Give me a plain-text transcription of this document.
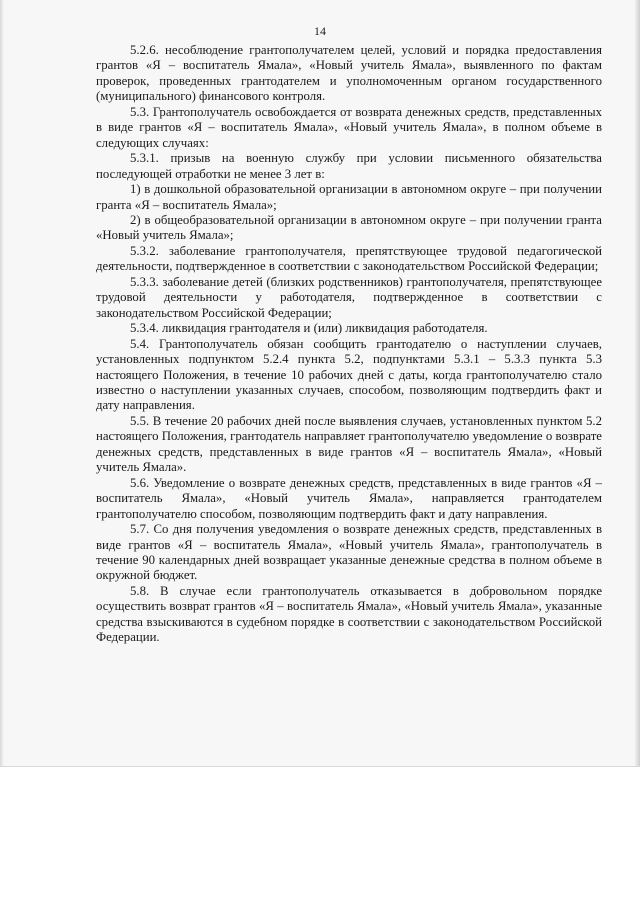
14

5.2.6. несоблюдение грантополучателем целей, условий и порядка предоставления грантов «Я – воспитатель Ямала», «Новый учитель Ямала», выявленного по фактам проверок, проведенных грантодателем и уполномоченным органом государственного (муниципального) финансового контроля.

5.3. Грантополучатель освобождается от возврата денежных средств, представленных в виде грантов «Я – воспитатель Ямала», «Новый учитель Ямала», в полном объеме в следующих случаях:

5.3.1. призыв на военную службу при условии письменного обязательства последующей отработки не менее 3 лет в:

1) в дошкольной образовательной организации в автономном округе – при получении гранта «Я – воспитатель Ямала»;

2) в общеобразовательной организации в автономном округе – при получении гранта «Новый учитель Ямала»;

5.3.2. заболевание грантополучателя, препятствующее трудовой педагогической деятельности, подтвержденное в соответствии с законодательством Российской Федерации;

5.3.3. заболевание детей (близких родственников) грантополучателя, препятствующее трудовой деятельности у работодателя, подтвержденное в соответствии с законодательством Российской Федерации;

5.3.4. ликвидация грантодателя и (или) ликвидация работодателя.

5.4. Грантополучатель обязан сообщить грантодателю о наступлении случаев, установленных подпунктом 5.2.4 пункта 5.2, подпунктами 5.3.1 – 5.3.3 пункта 5.3 настоящего Положения, в течение 10 рабочих дней с даты, когда грантополучателю стало известно о наступлении указанных случаев, способом, позволяющим подтвердить факт и дату направления.

5.5. В течение 20 рабочих дней после выявления случаев, установленных пунктом 5.2 настоящего Положения, грантодатель направляет грантополучателю уведомление о возврате денежных средств, представленных в виде грантов «Я – воспитатель Ямала», «Новый учитель Ямала».

5.6. Уведомление о возврате денежных средств, представленных в виде грантов «Я – воспитатель Ямала», «Новый учитель Ямала», направляется грантодателем грантополучателю способом, позволяющим подтвердить факт и дату направления.

5.7. Со дня получения уведомления о возврате денежных средств, представленных в виде грантов «Я – воспитатель Ямала», «Новый учитель Ямала», грантополучатель в течение 90 календарных дней возвращает указанные денежные средства в полном объеме в окружной бюджет.

5.8. В случае если грантополучатель отказывается в добровольном порядке осуществить возврат грантов «Я – воспитатель Ямала», «Новый учитель Ямала», указанные средства взыскиваются в судебном порядке в соответствии с законодательством Российской Федерации.
